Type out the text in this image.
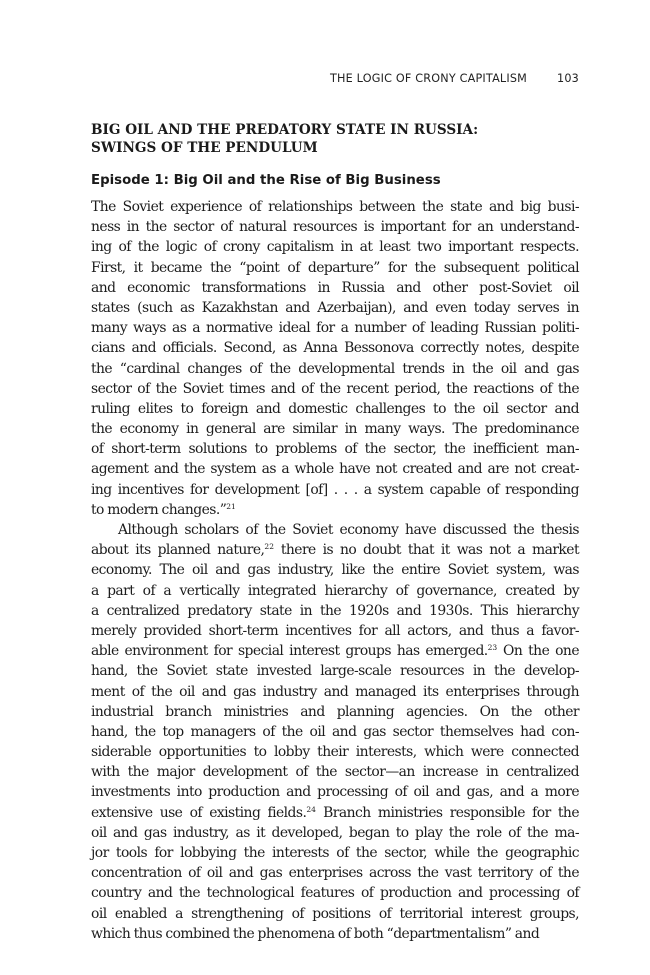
THE LOGIC OF CRONY CAPITALISM	103
BIG OIL AND THE PREDATORY STATE IN RUSSIA:
SWINGS OF THE PENDULUM
Episode 1: Big Oil and the Rise of Big Business

The Soviet experience of relationships between the state and big busi-
ness in the sector of natural resources is important for an understand-
ing of the logic of crony capitalism in at least two important respects.
First, it became the “point of departure” for the subsequent political
and economic transformations in Russia and other post-Soviet oil
states (such as Kazakhstan and Azerbaijan), and even today serves in
many ways as a normative ideal for a number of leading Russian politi-
cians and officials. Second, as Anna Bessonova correctly notes, despite
the “cardinal changes of the developmental trends in the oil and gas
sector of the Soviet times and of the recent period, the reactions of the
ruling elites to foreign and domestic challenges to the oil sector and
the economy in general are similar in many ways. The predominance
of short-term solutions to problems of the sector, the inefficient man-
agement and the system as a whole have not created and are not creat-
ing incentives for development [of] . . . a system capable of responding
to modern changes.”$^{21}$

Although scholars of the Soviet economy have discussed the thesis
about its planned nature,$^{22}$ there is no doubt that it was not a market
economy. The oil and gas industry, like the entire Soviet system, was
a part of a vertically integrated hierarchy of governance, created by
a centralized predatory state in the 1920s and 1930s. This hierarchy
merely provided short-term incentives for all actors, and thus a favor-
able environment for special interest groups has emerged.$^{23}$ On the one
hand, the Soviet state invested large-scale resources in the develop-
ment of the oil and gas industry and managed its enterprises through
industrial branch ministries and planning agencies. On the other
hand, the top managers of the oil and gas sector themselves had con-
siderable opportunities to lobby their interests, which were connected
with the major development of the sector—an increase in centralized
investments into production and processing of oil and gas, and a more
extensive use of existing fields.$^{24}$ Branch ministries responsible for the
oil and gas industry, as it developed, began to play the role of the ma-
jor tools for lobbying the interests of the sector, while the geographic
concentration of oil and gas enterprises across the vast territory of the
country and the technological features of production and processing of
oil enabled a strengthening of positions of territorial interest groups,
which thus combined the phenomena of both “departmentalism” and
